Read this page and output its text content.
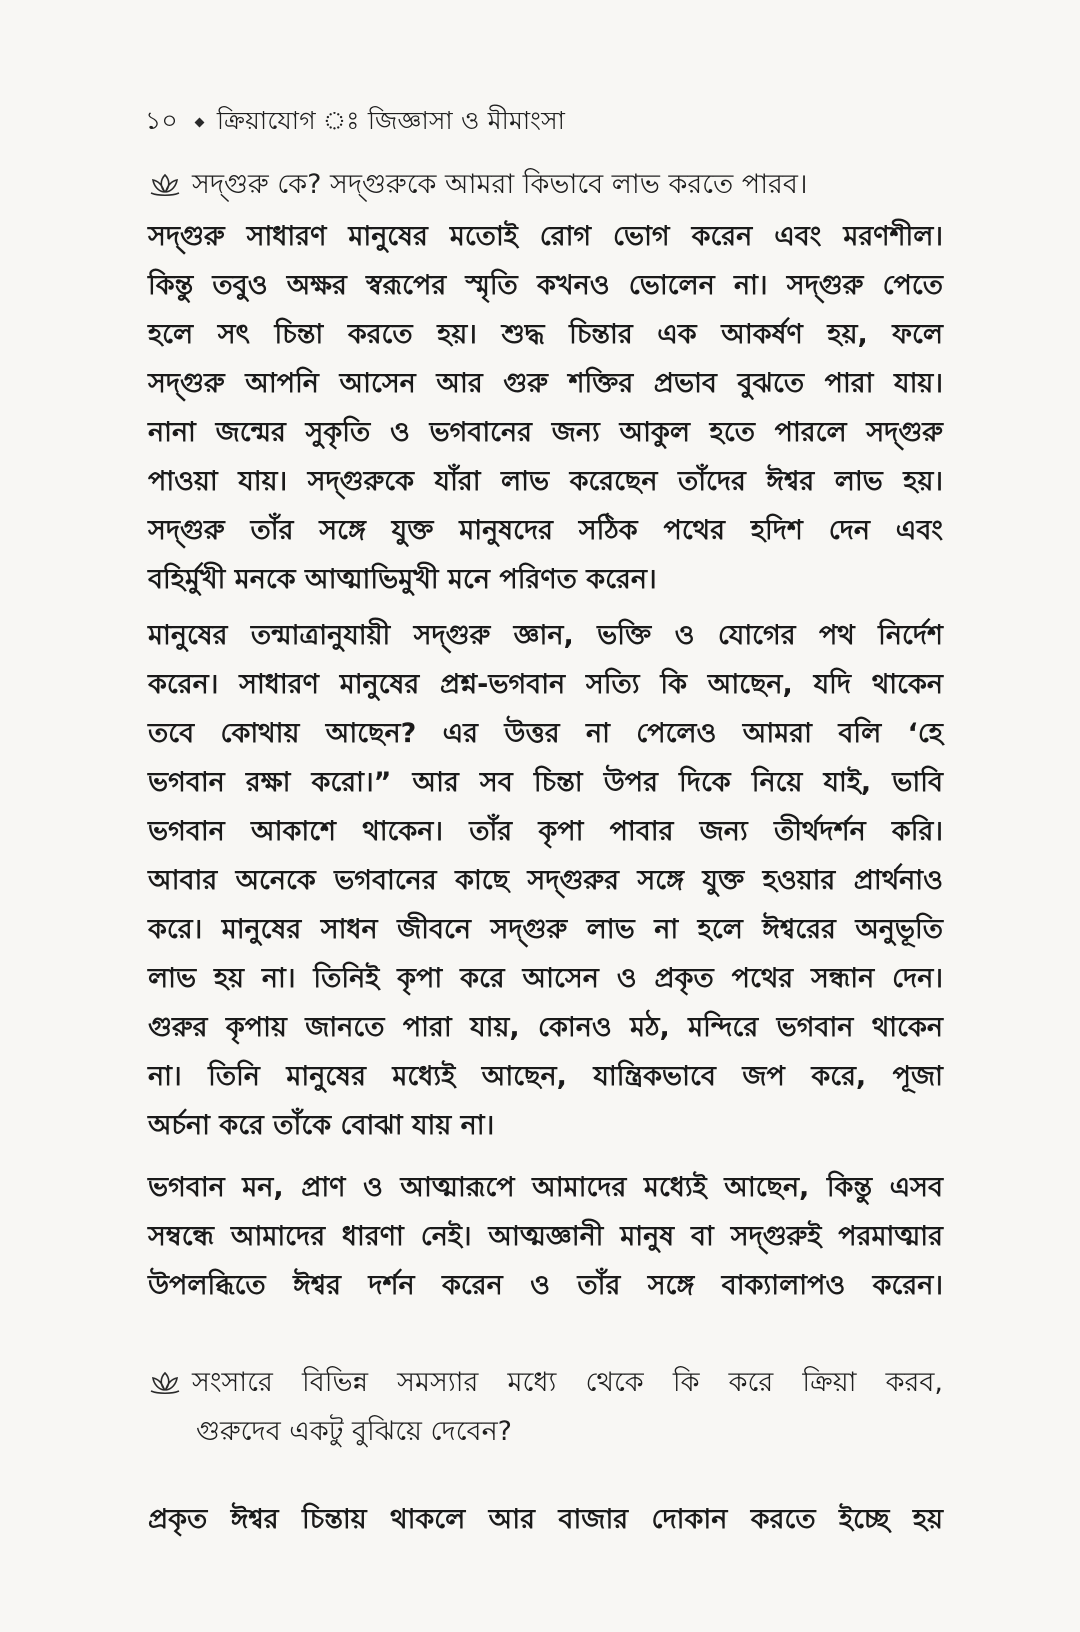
১০ ক্রিয়াযোগ ঃ জিজ্ঞাসা ও মীমাংসা
সদ্গুরু কে? সদ্গুরুকে আমরা কিভাবে লাভ করতে পারব।
সদ্গুরু সাধারণ মানুষের মতোই রোগ ভোগ করেন এবং মরণশীল।
কিন্তু তবুও অক্ষর স্বরূপের স্মৃতি কখনও ভোলেন না। সদ্গুরু পেতে
হলে সৎ চিন্তা করতে হয়। শুদ্ধ চিন্তার এক আকর্ষণ হয়, ফলে
সদ্গুরু আপনি আসেন আর গুরু শক্তির প্রভাব বুঝতে পারা যায়।
নানা জন্মের সুকৃতি ও ভগবানের জন্য আকুল হতে পারলে সদ্গুরু
পাওয়া যায়। সদ্গুরুকে যাঁরা লাভ করেছেন তাঁদের ঈশ্বর লাভ হয়।
সদ্গুরু তাঁর সঙ্গে যুক্ত মানুষদের সঠিক পথের হদিশ দেন এবং
বহির্মুখী মনকে আত্মাভিমুখী মনে পরিণত করেন।
মানুষের তন্মাত্রানুযায়ী সদ্গুরু জ্ঞান, ভক্তি ও যোগের পথ নির্দেশ
করেন। সাধারণ মানুষের প্রশ্ন-ভগবান সত্যি কি আছেন, যদি থাকেন
তবে কোথায় আছেন? এর উত্তর না পেলেও আমরা বলি ‘হে
ভগবান রক্ষা করো।” আর সব চিন্তা উপর দিকে নিয়ে যাই, ভাবি
ভগবান আকাশে থাকেন। তাঁর কৃপা পাবার জন্য তীর্থদর্শন করি।
আবার অনেকে ভগবানের কাছে সদ্গুরুর সঙ্গে যুক্ত হওয়ার প্রার্থনাও
করে। মানুষের সাধন জীবনে সদ্গুরু লাভ না হলে ঈশ্বরের অনুভূতি
লাভ হয় না। তিনিই কৃপা করে আসেন ও প্রকৃত পথের সন্ধান দেন।
গুরুর কৃপায় জানতে পারা যায়, কোনও মঠ, মন্দিরে ভগবান থাকেন
না। তিনি মানুষের মধ্যেই আছেন, যান্ত্রিকভাবে জপ করে, পূজা
অর্চনা করে তাঁকে বোঝা যায় না।
ভগবান মন, প্রাণ ও আত্মারূপে আমাদের মধ্যেই আছেন, কিন্তু এসব
সম্বন্ধে আমাদের ধারণা নেই। আত্মজ্ঞানী মানুষ বা সদ্গুরুই পরমাত্মার
উপলব্ধিতে ঈশ্বর দর্শন করেন ও তাঁর সঙ্গে বাক্যালাপও করেন।
সংসারে বিভিন্ন সমস্যার মধ্যে থেকে কি করে ক্রিয়া করব,
গুরুদেব একটু বুঝিয়ে দেবেন?
প্রকৃত ঈশ্বর চিন্তায় থাকলে আর বাজার দোকান করতে ইচ্ছে হয়
